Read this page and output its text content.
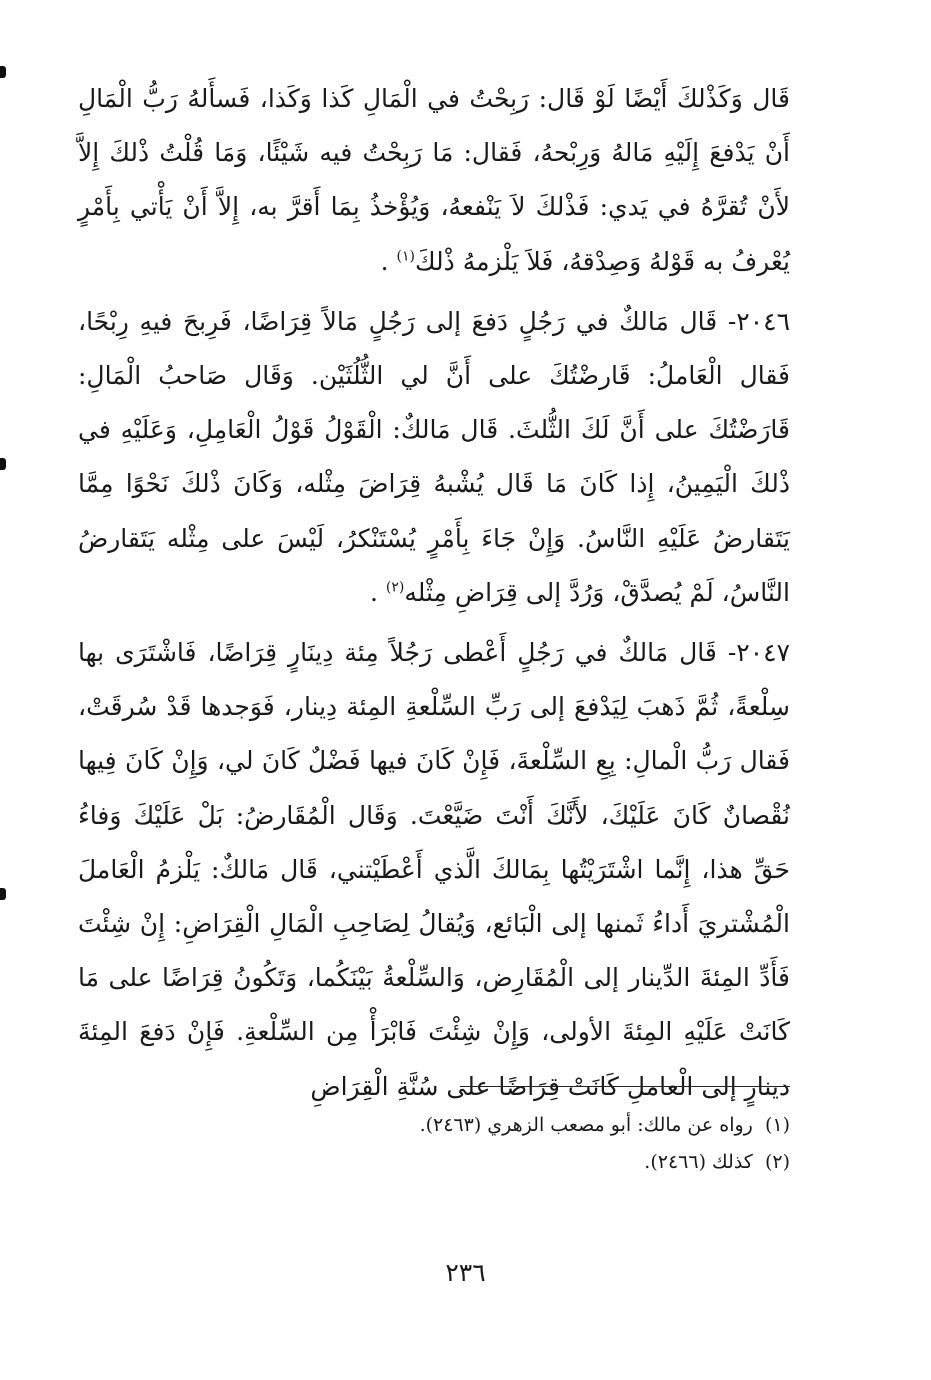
قَال وَكَذْلكَ أَيْضًا لَوْ قَال: رَبِحْتُ في الْمَالِ كَذا وَكَذا، فَسأَلهُ رَبُّ الْمَالِ أَنْ يَدْفعَ إِلَيْهِ مَالهُ وَرِبْحهُ، فَقال: مَا رَبِحْتُ فيه شَيْئًا، وَمَا قُلْتُ ذْلكَ إِلاَّ لأَنْ تُقرَّهُ في يَدي: فَذْلكَ لاَ يَنْفعهُ، وَيُؤْخذُ بِمَا أَقرَّ به، إِلاَّ أَنْ يَأْتي بِأَمْرٍ يُعْرفُ به قَوْلهُ وَصِدْقهُ، فَلاَ يَلْزمهُ ذْلكَ$^{(١)}$ .

٢٠٤٦- قَال مَالكٌ في رَجُلٍ دَفعَ إلى رَجُلٍ مَالاً قِرَاضًا، فَرِبحَ فيهِ رِبْحًا، فَقال الْعَاملُ: قَارضْتُكَ على أَنَّ لي الثُّلُثَيْن. وَقَال صَاحبُ الْمَالِ: قَارَضْتُكَ على أَنَّ لَكَ الثُّلثَ. قَال مَالكٌ: الْقَوْلُ قَوْلُ الْعَامِلِ، وَعَلَيْهِ في ذْلكَ الْيَمِينُ، إِذا كَانَ مَا قَال يُشْبهُ قِرَاضَ مِثْله، وَكَانَ ذْلكَ نَحْوًا مِمَّا يَتَقارضُ عَلَيْهِ النَّاسُ. وَإِنْ جَاءَ بِأَمْرٍ يُسْتَنْكرُ، لَيْسَ على مِثْله يَتَقارضُ النَّاسُ، لَمْ يُصدَّقْ، وَرُدَّ إلى قِرَاضِ مِثْله$^{(٢)}$ .

٢٠٤٧- قَال مَالكٌ في رَجُلٍ أَعْطى رَجُلاً مِئة دِينَارٍ قِرَاضًا، فَاشْتَرَى بها سِلْعةً، ثُمَّ ذَهبَ لِيَدْفعَ إلى رَبِّ السِّلْعةِ المِئة دِينار، فَوَجدها قَدْ سُرقَتْ، فَقال رَبُّ الْمالِ: بِعِ السِّلْعةَ، فَإِنْ كَانَ فيها فَضْلٌ كَانَ لي، وَإِنْ كَانَ فِيها نُقْصانٌ كَانَ عَلَيْكَ، لأَنَّكَ أَنْتَ ضَيَّعْتَ. وَقَال الْمُقَارضُ: بَلْ عَلَيْكَ وَفاءُ حَقِّ هذا، إِنَّما اشْتَرَيْتُها بِمَالكَ الَّذي أَعْطَيْتني، قَال مَالكٌ: يَلْزمُ الْعَاملَ الْمُشْتريَ أَداءُ ثَمنها إلى الْبَائع، وَيُقالُ لِصَاحِبِ الْمَالِ الْقِرَاضِ: إِنْ شِئْتَ فَأَدِّ المِئةَ الدِّينار إلى الْمُقَارِض، وَالسِّلْعةُ بَيْنَكُما، وَتَكُونُ قِرَاضًا على مَا كَانَتْ عَلَيْهِ المِئةَ الأولى، وَإِنْ شِئْتَ فَابْرَأْ مِن السِّلْعةِ. فَإِنْ دَفعَ المِئةَ دينارٍ إلى الْعاملِ كَانَتْ قِرَاضًا على سُنَّةِ الْقِرَاضِ

(١)  رواه عن مالك: أبو مصعب الزهري (٢٤٦٣).

(٢)  كذلك (٢٤٦٦).

٢٣٦
